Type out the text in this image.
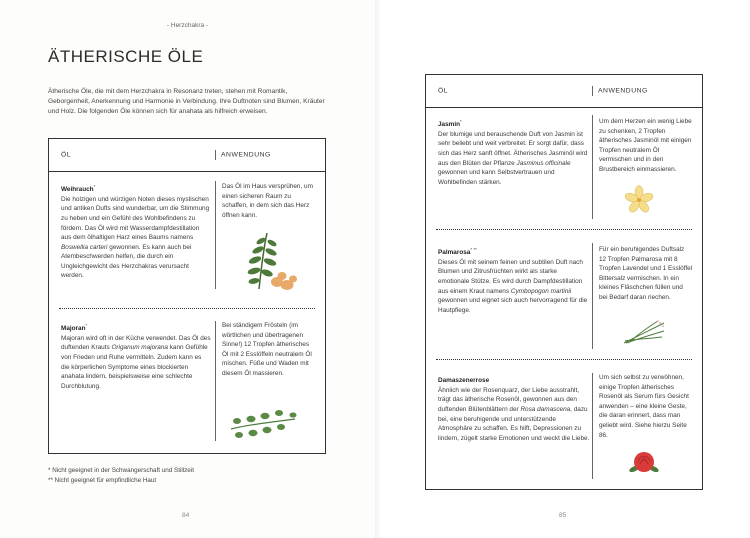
- Herzchakra -
ÄTHERISCHE ÖLE
Ätherische Öle, die mit dem Herzchakra in Resonanz treten, stehen mit Romantik, Geborgenheit, Anerkennung und Harmonie in Verbindung. Ihre Duftnoten sind Blumen, Kräuter und Holz. Die folgenden Öle können sich für anahata als hilfreich erweisen.
ÖL	ANWENDUNG
Weihrauch*
Die holzigen und würzigen Noten dieses mystischen und antiken Dufts sind wunderbar, um die Stimmung zu heben und ein Gefühl des Wohlbefindens zu fördern. Das Öl wird mit Wasserdampfdestillation aus dem ölhaltigen Harz eines Baums namens Boswellia carteri gewonnen. Es kann auch bei Atembeschwerden helfen, die durch ein Ungleichgewicht des Herzchakras verursacht werden.
Das Öl im Haus versprühen, um einen sicheren Raum zu schaffen, in dem sich das Herz öffnen kann.
Majoran*
Majoran wird oft in der Küche verwendet. Das Öl des duftenden Krauts Origanum majorana kann Gefühle von Frieden und Ruhe vermitteln. Zudem kann es die körperlichen Symptome eines blockierten anahata lindern, beispielsweise eine schlechte Durchblutung.
Bei ständigem Frösteln (im wörtlichen und übertragenen Sinne!) 12 Tropfen ätherisches Öl mit 2 Esslöffeln neutralem Öl mischen. Füße und Waden mit diesem Öl massieren.
* Nicht geeignet in der Schwangerschaft und Stillzeit
** Nicht geeignet für empfindliche Haut
84
ÖL	ANWENDUNG
Jasmin*
Der blumige und berauschende Duft von Jasmin ist sehr beliebt und weit verbreitet. Er sorgt dafür, dass sich das Herz sanft öffnet. Ätherisches Jasminöl wird aus den Blüten der Pflanze Jasminus officinale gewonnen und kann Selbstvertrauen und Wohlbefinden stärken.
Um dem Herzen ein wenig Liebe zu schenken, 2 Tropfen ätherisches Jasminöl mit einigen Tropfen neutralem Öl vermischen und in den Brustbereich einmassieren.
Palmarosa* **
Dieses Öl mit seinem feinen und subtilen Duft nach Blumen und Zitrusfrüchten wirkt als starke emotionale Stütze. Es wird durch Dampfdestillation aus einem Kraut namens Cymbopogon martinii gewonnen und eignet sich auch hervorragend für die Hautpflege.
Für ein beruhigendes Duftsalz 12 Tropfen Palmarosa mit 8 Tropfen Lavendel und 1 Esslöffel Bittersalz vermischen. In ein kleines Fläschchen füllen und bei Bedarf daran riechen.
Damaszenerrose
Ähnlich wie der Rosenquarz, der Liebe ausstrahlt, trägt das ätherische Rosenöl, gewonnen aus den duftenden Blütenblättern der Rosa damascena, dazu bei, eine beruhigende und unterstützende Atmosphäre zu schaffen. Es hilft, Depressionen zu lindern, zügelt starke Emotionen und weckt die Liebe.
Um sich selbst zu verwöhnen, einige Tropfen ätherisches Rosenöl als Serum fürs Gesicht anwenden – eine kleine Geste, die daran erinnert, dass man geliebt wird. Siehe hierzu Seite 86.
85
